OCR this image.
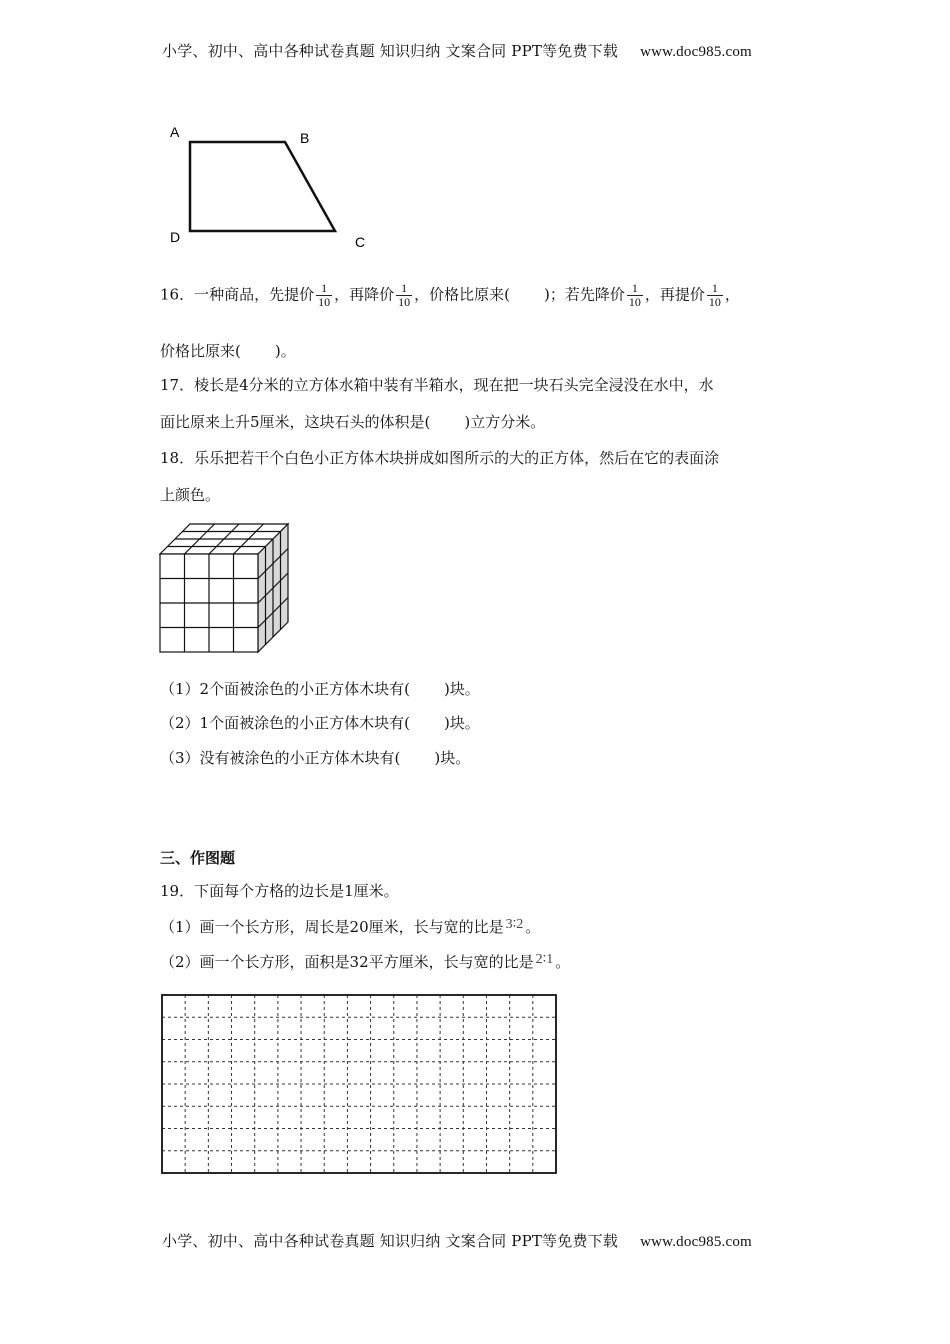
小学、初中、高中各种试卷真题 知识归纳 文案合同 PPT等免费下载 www.doc985.com
A	B
C
D
16．一种商品，先提价 $\frac{1}{10}$ ，再降价 $\frac{1}{10}$ ，价格比原来( )；若先降价 $\frac{1}{10}$ ，再提价 $\frac{1}{10}$ ，
价格比原来( )。
17．棱长是4分米的立方体水箱中装有半箱水，现在把一块石头完全浸没在水中，水
面比原来上升5厘米，这块石头的体积是( )立方分米。
18．乐乐把若干个白色小正方体木块拼成如图所示的大的正方体，然后在它的表面涂
上颜色。
（1）2个面被涂色的小正方体木块有( )块。
（2）1个面被涂色的小正方体木块有( )块。
（3）没有被涂色的小正方体木块有( )块。
三、作图题
19．下面每个方格的边长是1厘米。
（1）画一个长方形，周长是20厘米，长与宽的比是 3∶2 。
（2）画一个长方形，面积是32平方厘米，长与宽的比是 2∶1 。
小学、初中、高中各种试卷真题 知识归纳 文案合同 PPT等免费下载 www.doc985.com
